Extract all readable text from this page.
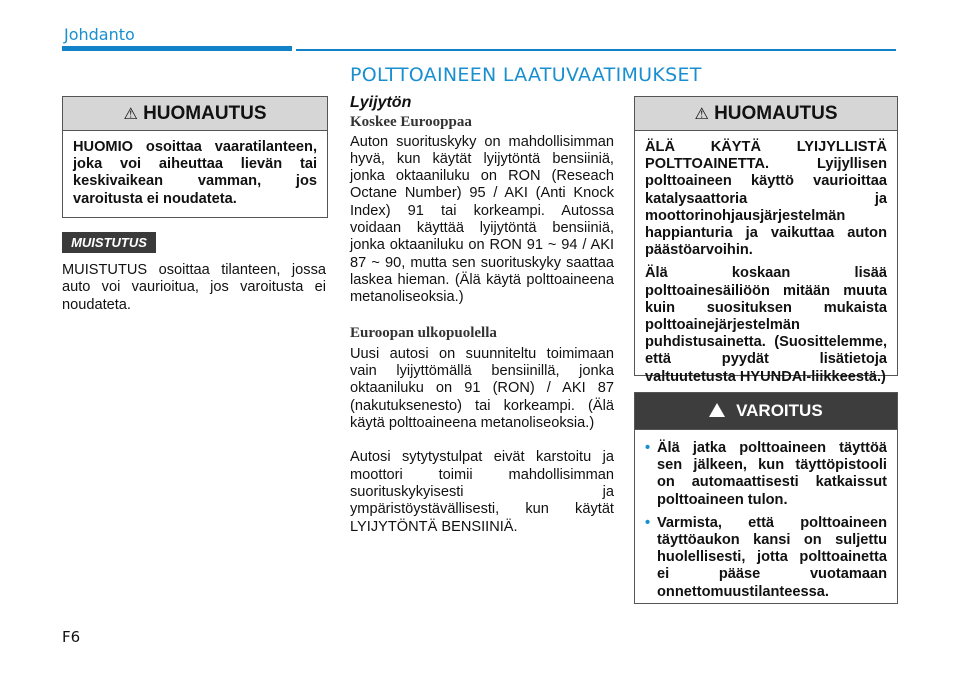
Johdanto
POLTTOAINEEN LAATUVAATIMUKSET
⚠ HUOMAUTUS
HUOMIO osoittaa vaaratilanteen, joka voi aiheuttaa lievän tai keskivaikean vamman, jos varoitusta ei noudateta.
MUISTUTUS
MUISTUTUS osoittaa tilanteen, jossa auto voi vaurioitua, jos varoitusta ei noudateta.

Lyijytön

Koskee Eurooppaa

Auton suorituskyky on mahdollisimman hyvä, kun käytät lyijytöntä bensiiniä, jonka oktaaniluku on RON (Reseach Octane Number) 95 / AKI (Anti Knock Index) 91 tai korkeampi. Autossa voidaan käyttää lyijytöntä bensiiniä, jonka oktaaniluku on RON 91 ~ 94 / AKI 87 ~ 90, mutta sen suorituskyky saattaa laskea hieman. (Älä käytä polttoaineena metanoliseoksia.)

Euroopan ulkopuolella

Uusi autosi on suunniteltu toimimaan vain lyijyttömällä bensiinillä, jonka oktaaniluku on 91 (RON) / AKI 87 (nakutuksenesto) tai korkeampi. (Älä käytä polttoaineena metanoliseoksia.)

Autosi sytytystulpat eivät karstoitu ja moottori toimii mahdollisimman suorituskykyisesti ja ympäristöystävällisesti, kun käytät LYIJYTÖNTÄ BENSIINIÄ.

⚠ HUOMAUTUS

ÄLÄ KÄYTÄ LYIJYLLISTÄ POLTTOAINETTA. Lyijyllisen polttoaineen käyttö vaurioittaa katalysaattoria ja moottorinohjausjärjestelmän happianturia ja vaikuttaa auton päästöarvoihin.

Älä koskaan lisää polttoainesäiliöön mitään muuta kuin suosituksen mukaista polttoainejärjestelmän puhdistusainetta. (Suosittelemme, että pyydät lisätietoja valtuutetusta HYUNDAI-liikkeestä.)

VAROITUS
• Älä jatka polttoaineen täyttöä sen jälkeen, kun täyttöpistooli on automaattisesti katkaissut polttoaineen tulon.
• Varmista, että polttoaineen täyttöaukon kansi on suljettu huolellisesti, jotta polttoainetta ei pääse vuotamaan onnettomuustilanteessa.
F6
